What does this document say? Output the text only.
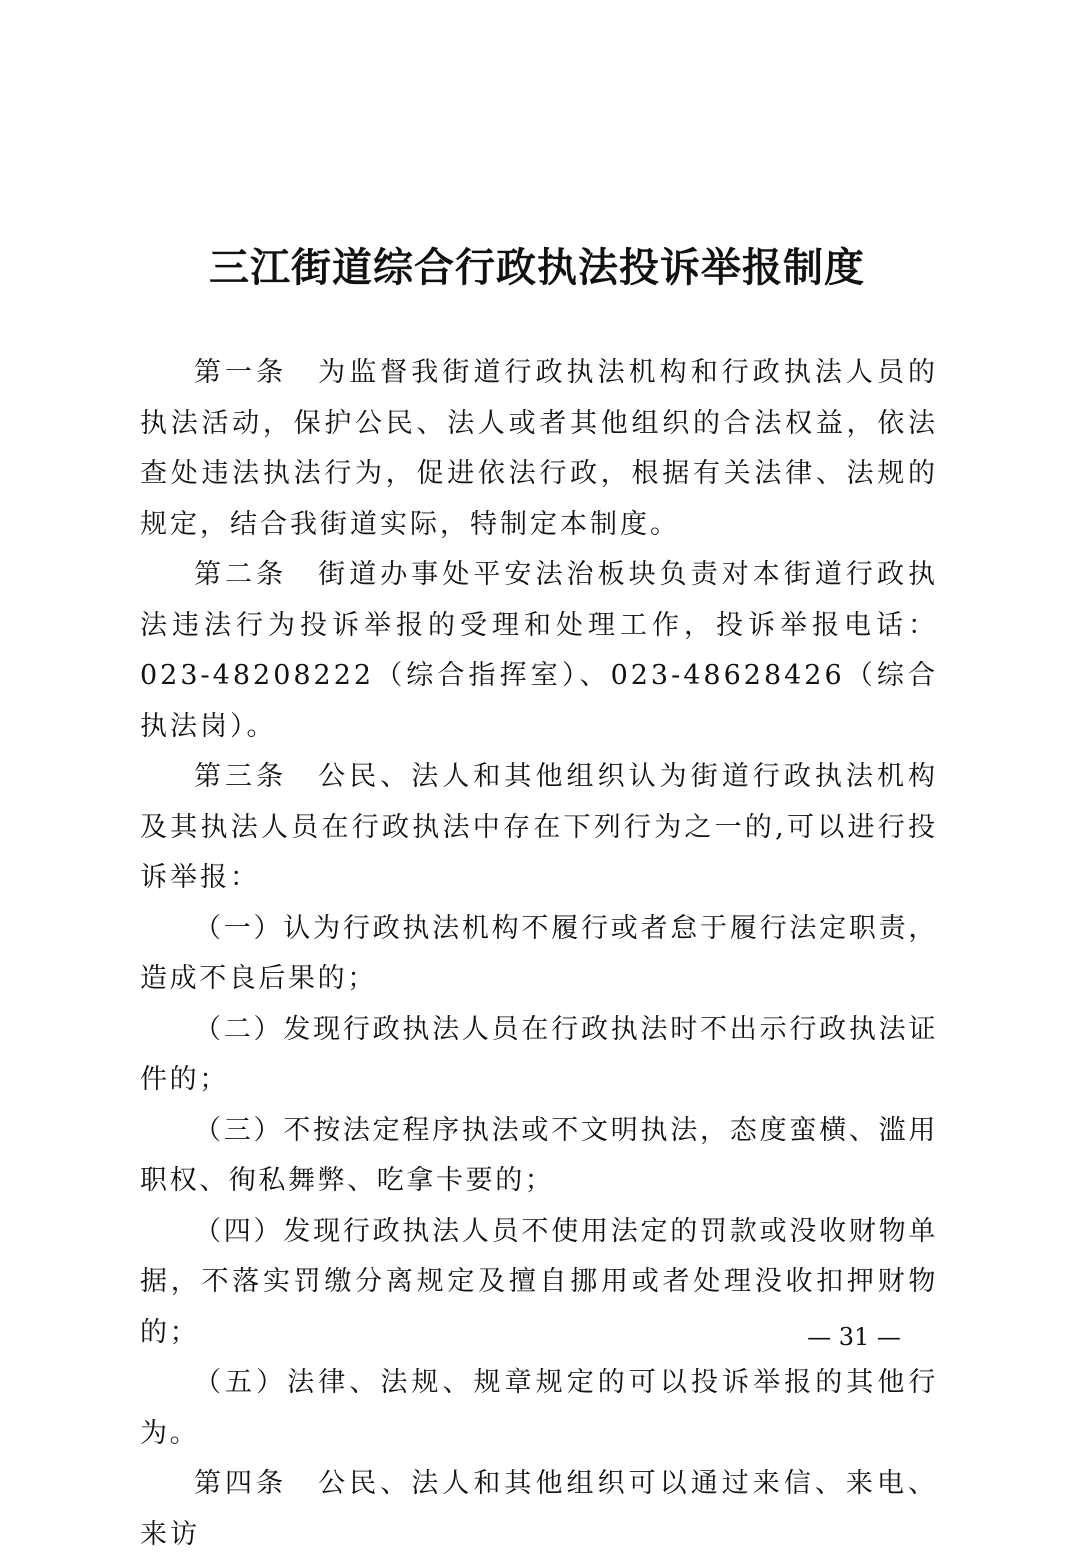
三江街道综合行政执法投诉举报制度

第一条　为监督我街道行政执法机构和行政执法人员的执法活动，保护公民、法人或者其他组织的合法权益，依法查处违法执法行为，促进依法行政，根据有关法律、法规的规定，结合我街道实际，特制定本制度。

第二条　街道办事处平安法治板块负责对本街道行政执法违法行为投诉举报的受理和处理工作，投诉举报电话：023-48208222（综合指挥室）、023-48628426（综合执法岗）。

第三条　公民、法人和其他组织认为街道行政执法机构及其执法人员在行政执法中存在下列行为之一的,可以进行投诉举报：

（一）认为行政执法机构不履行或者怠于履行法定职责，造成不良后果的；

（二）发现行政执法人员在行政执法时不出示行政执法证件的；

（三）不按法定程序执法或不文明执法，态度蛮横、滥用职权、徇私舞弊、吃拿卡要的；

（四）发现行政执法人员不使用法定的罚款或没收财物单据，不落实罚缴分离规定及擅自挪用或者处理没收扣押财物的；

（五）法律、法规、规章规定的可以投诉举报的其他行为。

第四条　公民、法人和其他组织可以通过来信、来电、来访

— 31 —
